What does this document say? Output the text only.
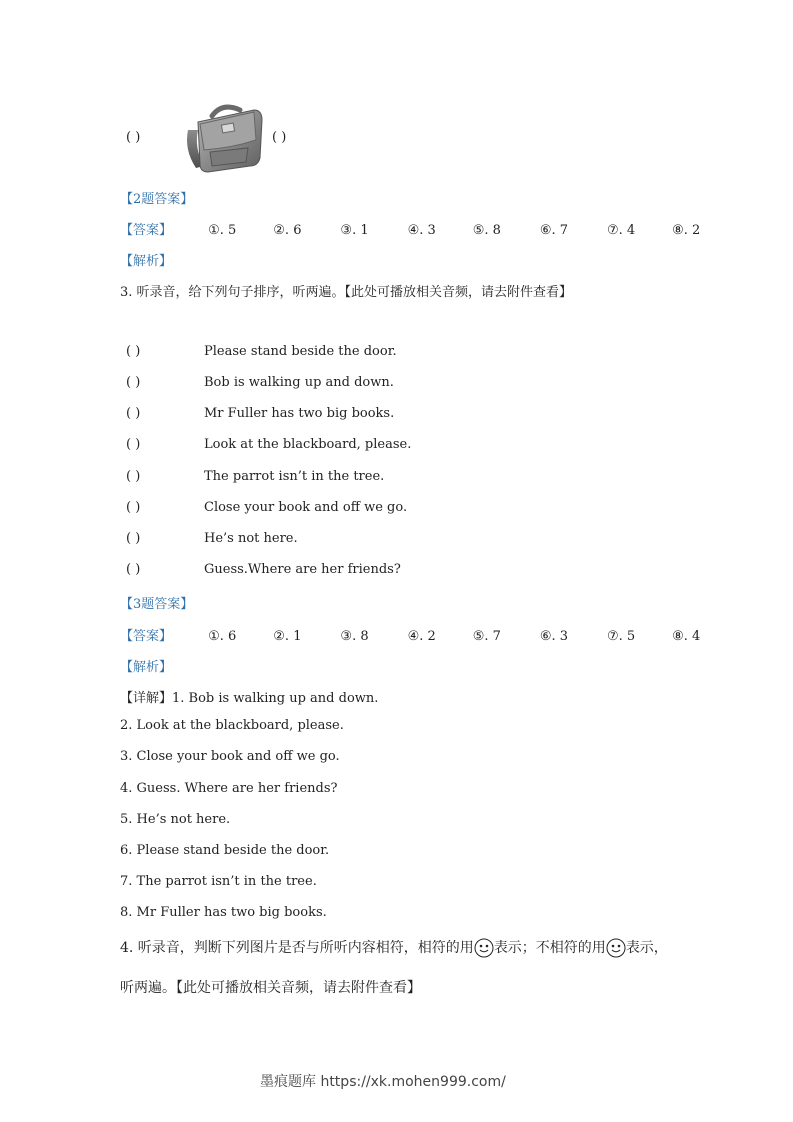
( )	( )
【2题答案】
【答案】	①. 5	②. 6	③. 1	④. 3	⑤. 8	⑥. 7	⑦. 4	⑧. 2
【解析】
3. 听录音，给下列句子排序，听两遍。【此处可播放相关音频，请去附件查看】
( )	Please stand beside the door.
( )	Bob is walking up and down.
( )	Mr Fuller has two big books.
( )	Look at the blackboard, please.
( )	The parrot isn’t in the tree.
( )	Close your book and off we go.
( )	He’s not here.
( )	Guess.Where are her friends?
【3题答案】
【答案】	①. 6	②. 1	③. 8	④. 2	⑤. 7	⑥. 3	⑦. 5	⑧. 4
【解析】
【详解】1. Bob is walking up and down.
2. Look at the blackboard, please.
3. Close your book and off we go.
4. Guess. Where are her friends?
5. He’s not here.
6. Please stand beside the door.
7. The parrot isn’t in the tree.
8. Mr Fuller has two big books.
4. 听录音，判断下列图片是否与所听内容相符，相符的用 表示；不相符的用 表示，
听两遍。【此处可播放相关音频，请去附件查看】
墨痕题库 https://xk.mohen999.com/
